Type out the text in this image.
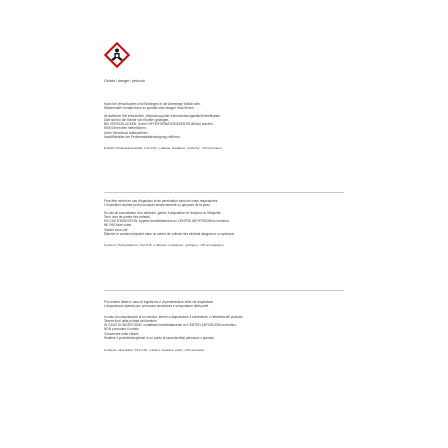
Gefahr / danger / pericolo
Kann bei Verschlucken und Eindringen in die Atemwege tödlich sein.
Wiederholter Kontakt kann zu spröder oder rissiger Haut führen.
Ist ärztlicher Rat erforderlich, Verpackung oder Kennzeichnungsetikett bereithalten.
Darf nicht in die Hände von Kindern gelangen.
BEI VERSCHLUCKEN: Sofort GIFTINFORMATIONSZENTRUM/Arzt anrufen.
KEIN Erbrechen herbeiführen.
Unter Verschluss aufbewahren.
Inhalt/Behälter der Problemabfallentsorgung zuführen.
Enthält: Kohlenwasserstoffe, C12-C15, n-Alkane, Isoalkane, cyclische, <2% Aromaten.
Peut être mortel en cas d'ingestion et de pénétration dans les voies respiratoires.
L'exposition répétée peut provoquer dessèchement ou gerçures de la peau.
En cas de consultation d'un médecin, garder à disposition le récipient ou l'étiquette.
Tenir hors de portée des enfants.
EN CAS D'INGESTION: Appeler immédiatement un CENTRE ANTIPOISON/un médecin.
NE PAS faire vomir.
Garder sous clef.
Éliminer le contenu/récipient dans un centre de collecte des déchets dangereux ou spéciaux.
Contient: Hydrocarbures, C12-C15, n-alkanes, isoalcanes, cycliques, <2% aromatiques.
Può essere letale in caso di ingestione e di penetrazione nelle vie respiratorie.
L'esposizione ripetuta può provocare secchezza e screpolature della pelle.
In caso di consultazione di un medico, tenere a disposizione il contenitore o l'etichetta del prodotto.
Tenere fuori dalla portata dei bambini.
IN CASO DI INGESTIONE: contattare immediatamente un CENTRO ANTIVELENI/un medico.
NON provocare il vomito.
Conservare sotto chiave.
Smaltire il prodotto/recipiente in un punto di raccolta rifiuti pericolosi o speciali.
Contiene: Idrocarburi, C12-C15, n-alcani, isoalcani, ciclici, <2% aromatici.
